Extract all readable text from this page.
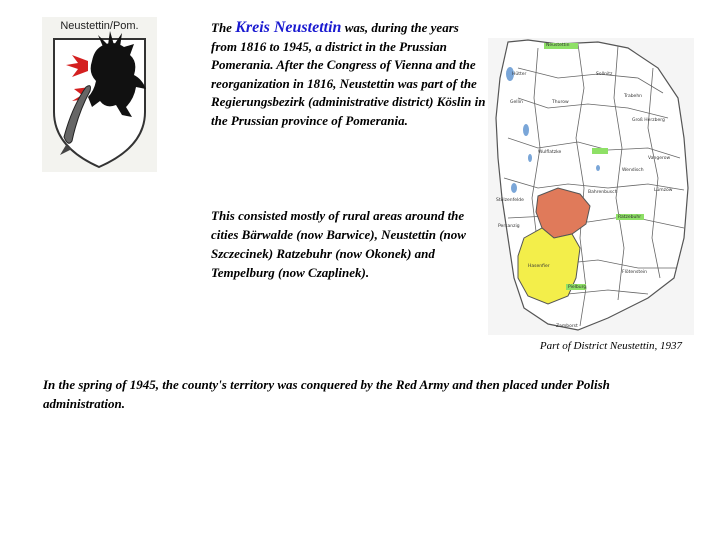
Neustettin/Pom.	The Kreis Neustettin was, during the years from 1816 to 1945, a district in the Prussian Pomerania. After the Congress of Vienna and the reorganization in 1816, Neustettin was part of the Regierungsbezirk (administrative district) Köslin in the Prussian province of Pomerania.
This consisted mostly of rural areas around the cities Bärwalde (now Barwice), Neustettin (now Szczecinek) Ratzebuhr (now Okonek) and Tempelburg (now Czaplinek).
Neustettin
Sollnitz
Thurow
Hütter
Gellin
Trabehn
Groß Herzberg
Wulflatzke
Vangerow
Lümzow
Bahrenbusch
Ratzebuhr
Wendisch
Hasenfier
Flötenstein
Persanzig
Zamborst
Pielburg
Stölzenfelde
Part of District Neustettin, 1937
In the spring of 1945, the county's territory was conquered by the Red Army and then placed under Polish administration.
